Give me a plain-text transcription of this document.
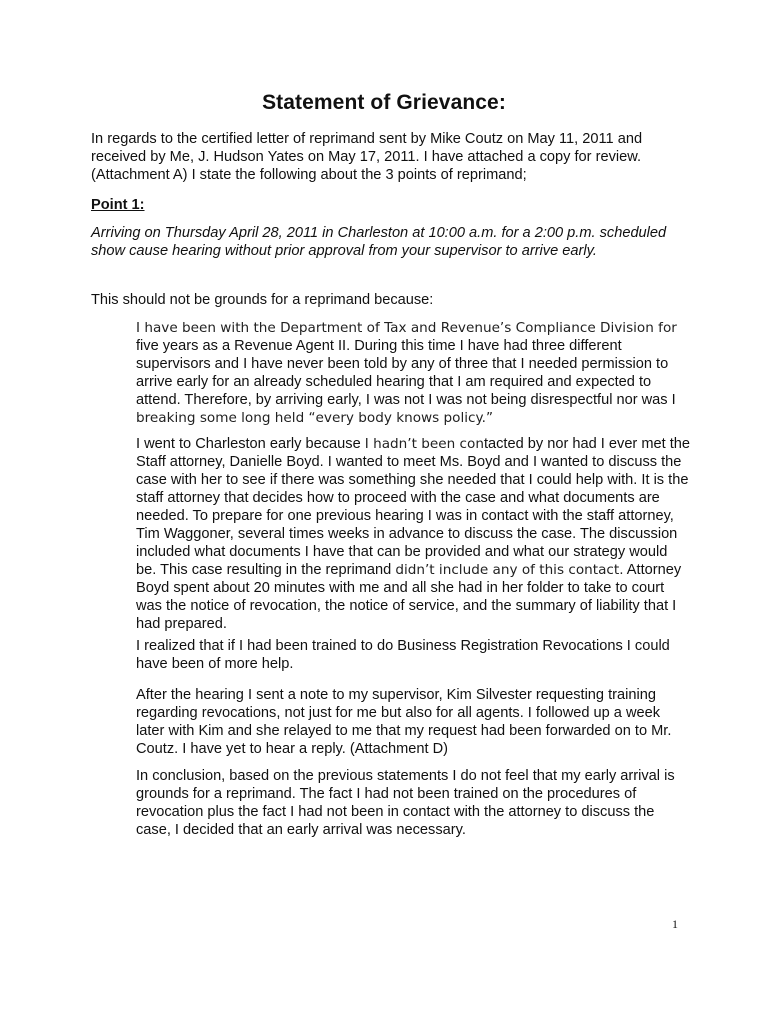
Statement of Grievance:

In regards to the certified letter of reprimand sent by Mike Coutz on May 11, 2011 and received by Me, J. Hudson Yates on May 17, 2011. I have attached a copy for review. (Attachment A) I state the following about the 3 points of reprimand;

Point 1:

Arriving on Thursday April 28, 2011 in Charleston at 10:00 a.m. for a 2:00 p.m. scheduled show cause hearing without prior approval from your supervisor to arrive early.

This should not be grounds for a reprimand because:

I have been with the Department of Tax and Revenue’s Compliance Division for five years as a Revenue Agent II. During this time I have had three different supervisors and I have never been told by any of three that I needed permission to arrive early for an already scheduled hearing that I am required and expected to attend. Therefore, by arriving early, I was not I was not being disrespectful nor was I breaking some long held “every body knows policy.”

I went to Charleston early because I hadn’t been contacted by nor had I ever met the Staff attorney, Danielle Boyd. I wanted to meet Ms. Boyd and I wanted to discuss the case with her to see if there was something she needed that I could help with. It is the staff attorney that decides how to proceed with the case and what documents are needed. To prepare for one previous hearing I was in contact with the staff attorney, Tim Waggoner, several times weeks in advance to discuss the case. The discussion included what documents I have that can be provided and what our strategy would be. This case resulting in the reprimand didn’t include any of this contact. Attorney Boyd spent about 20 minutes with me and all she had in her folder to take to court was the notice of revocation, the notice of service, and the summary of liability that I had prepared.

I realized that if I had been trained to do Business Registration Revocations I could have been of more help.

After the hearing I sent a note to my supervisor, Kim Silvester requesting training regarding revocations, not just for me but also for all agents. I followed up a week later with Kim and she relayed to me that my request had been forwarded on to Mr. Coutz. I have yet to hear a reply. (Attachment D)

In conclusion, based on the previous statements I do not feel that my early arrival is grounds for a reprimand. The fact I had not been trained on the procedures of revocation plus the fact I had not been in contact with the attorney to discuss the case, I decided that an early arrival was necessary.

1
